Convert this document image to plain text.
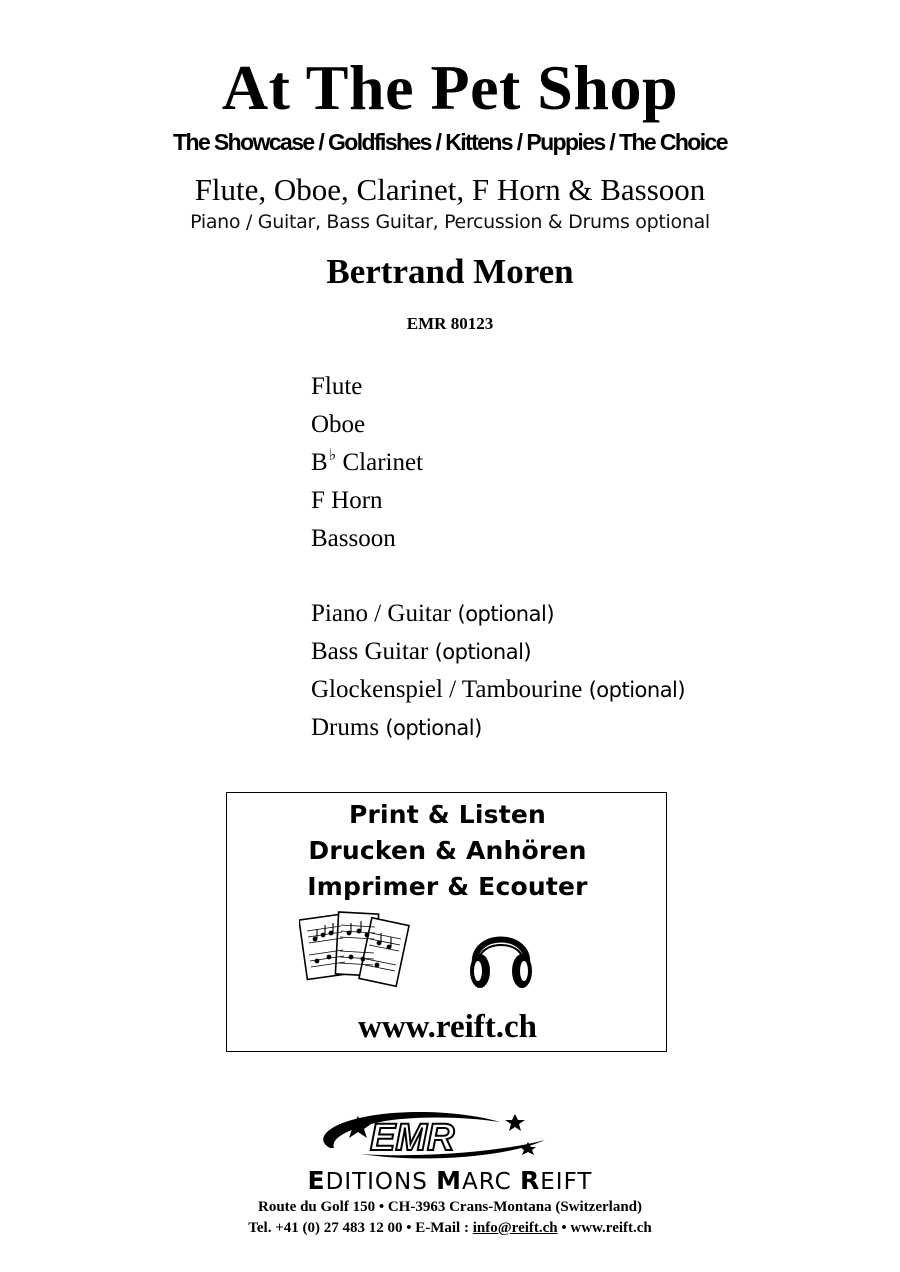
At The Pet Shop
The Showcase / Goldfishes / Kittens / Puppies / The Choice
Flute, Oboe, Clarinet, F Horn & Bassoon
Piano / Guitar, Bass Guitar, Percussion & Drums optional
Bertrand Moren
EMR 80123
Flute
Oboe
B♭ Clarinet
F Horn
Bassoon
Piano / Guitar (optional)
Bass Guitar (optional)
Glockenspiel / Tambourine (optional)
Drums (optional)
Print & Listen
Drucken & Anhören
Imprimer & Ecouter
www.reift.ch
EMR
EDITIONS MARC REIFT
Route du Golf 150 • CH-3963 Crans-Montana (Switzerland)
Tel. +41 (0) 27 483 12 00 • E-Mail : info@reift.ch • www.reift.ch
